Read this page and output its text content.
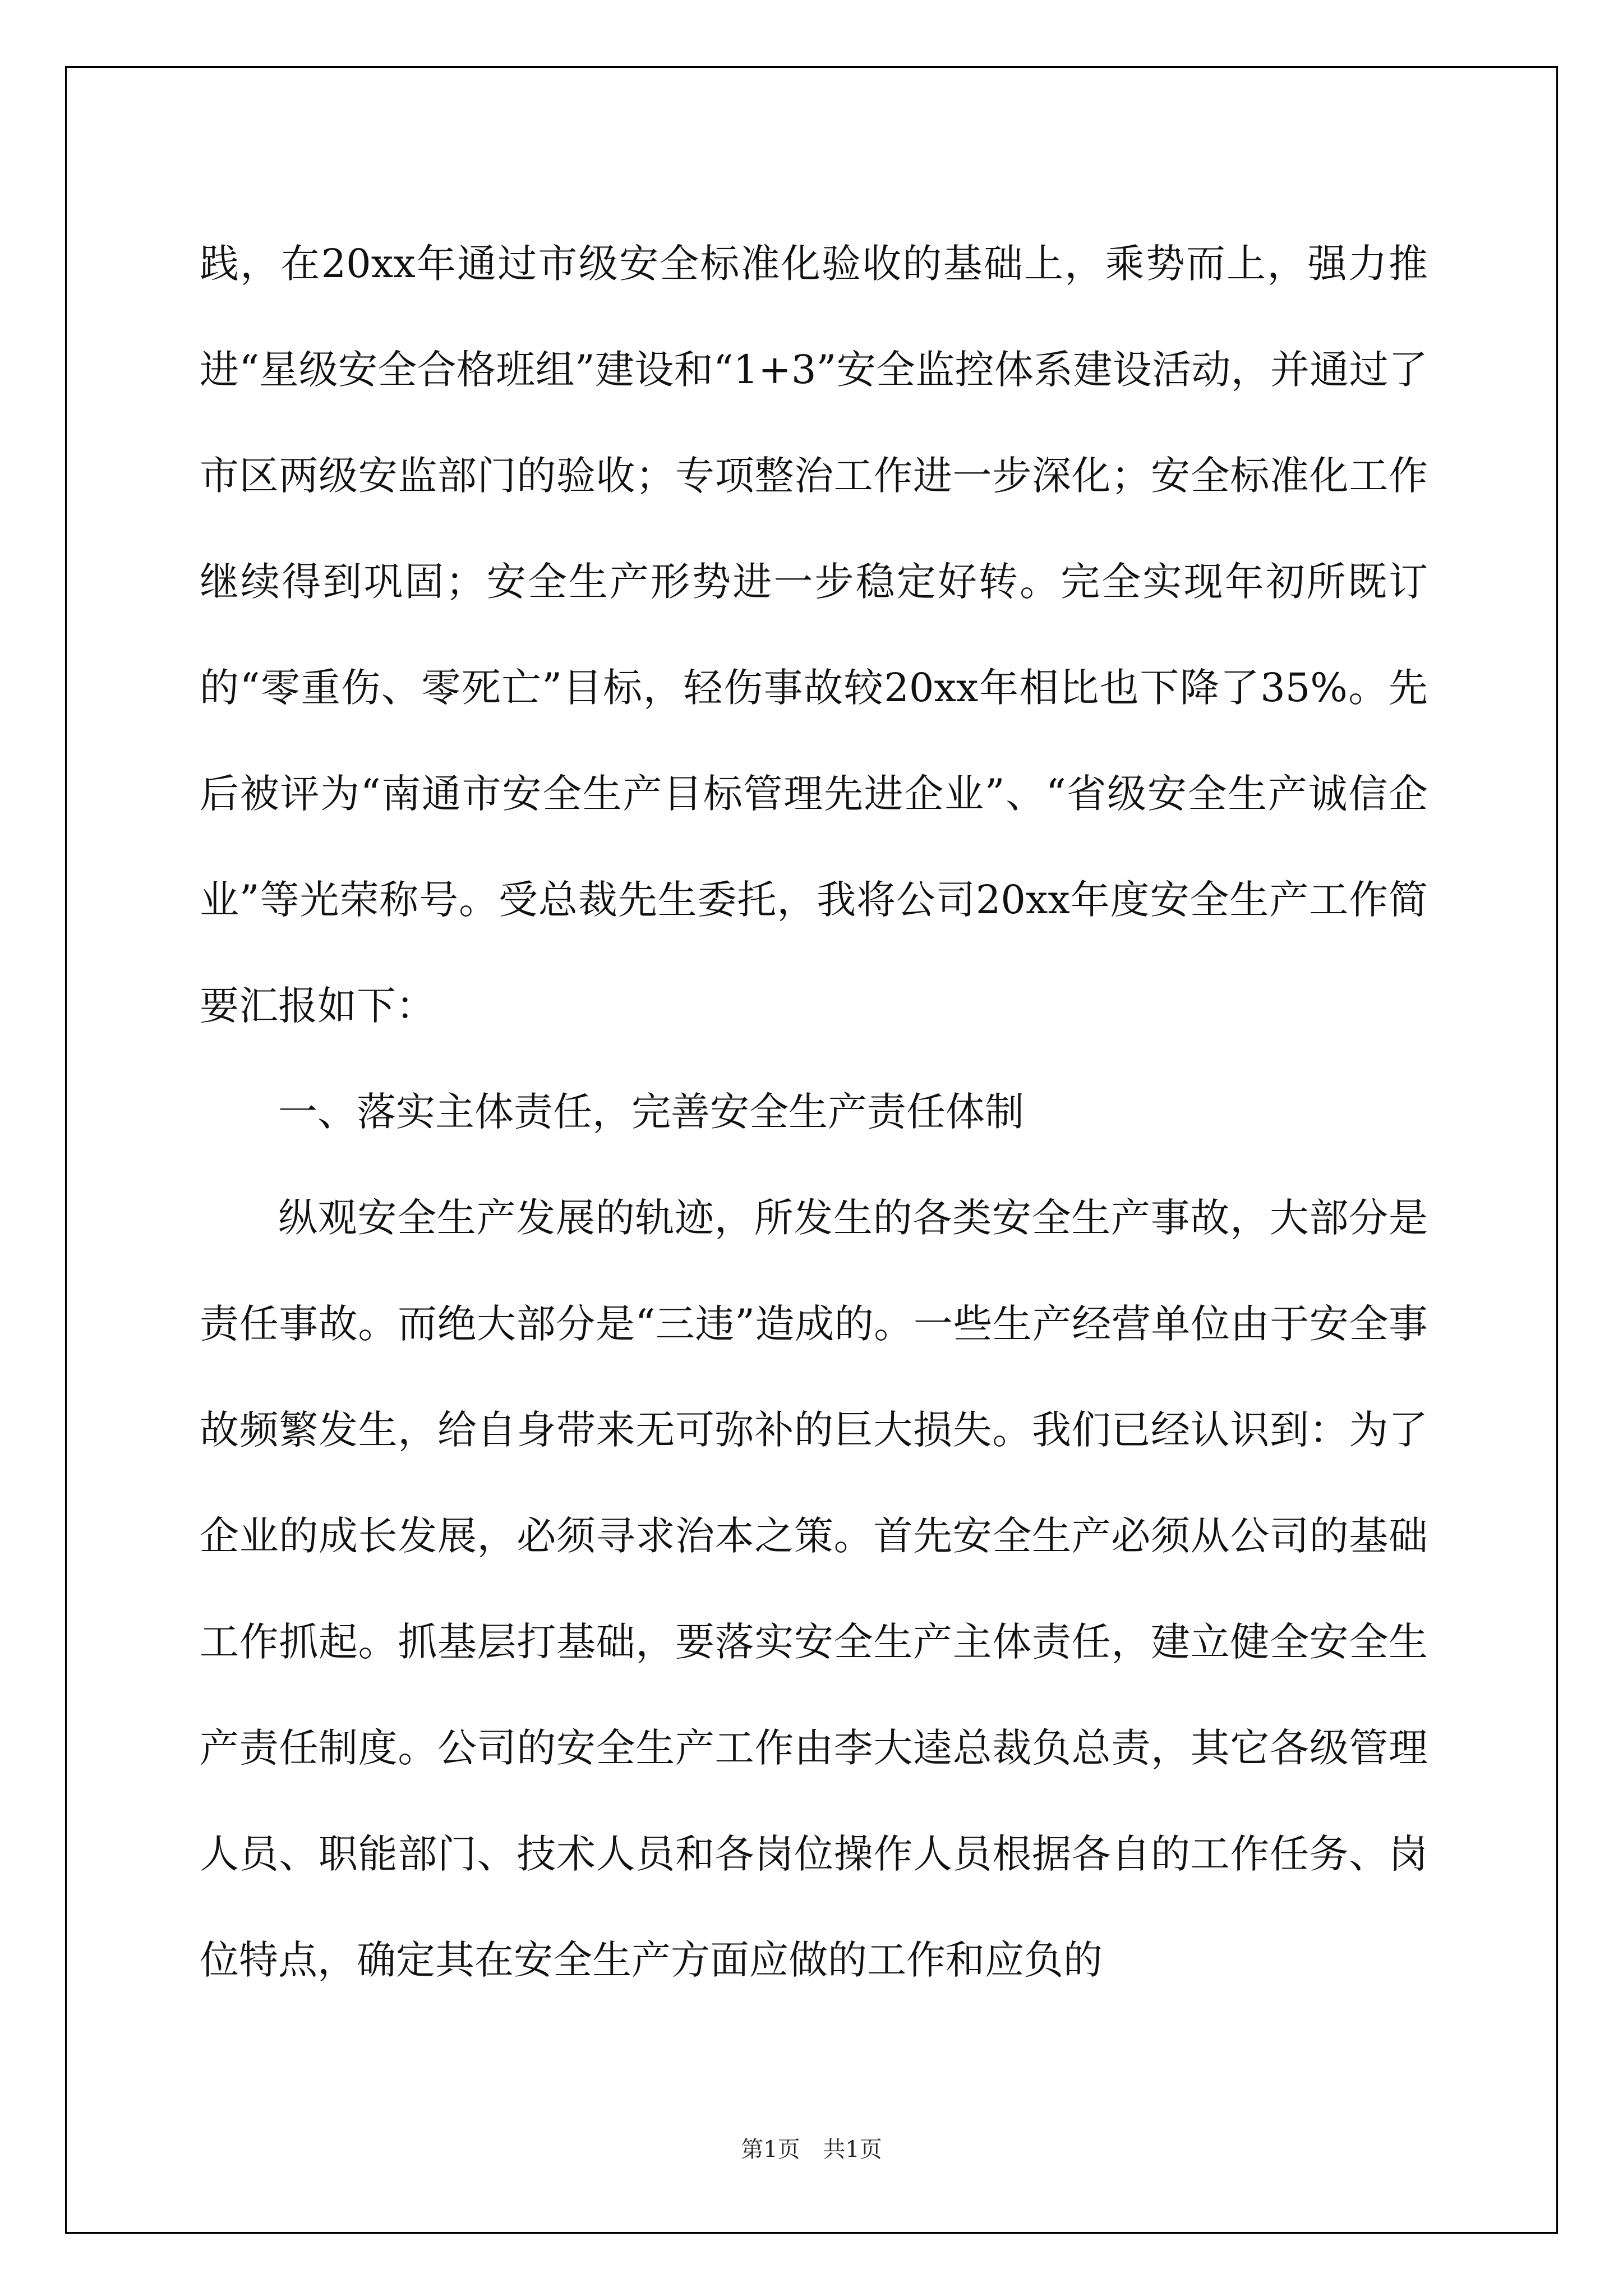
践，在20xx年通过市级安全标准化验收的基础上，乘势而上，强力推进“星级安全合格班组”建设和“1+3”安全监控体系建设活动，并通过了市区两级安监部门的验收；专项整治工作进一步深化；安全标准化工作继续得到巩固；安全生产形势进一步稳定好转。完全实现年初所既订的“零重伤、零死亡”目标，轻伤事故较20xx年相比也下降了35%。先后被评为“南通市安全生产目标管理先进企业”、“省级安全生产诚信企业”等光荣称号。受总裁先生委托，我将公司20xx年度安全生产工作简要汇报如下：

一、落实主体责任，完善安全生产责任体制

纵观安全生产发展的轨迹，所发生的各类安全生产事故，大部分是责任事故。而绝大部分是“三违”造成的。一些生产经营单位由于安全事故频繁发生，给自身带来无可弥补的巨大损失。我们已经认识到：为了企业的成长发展，必须寻求治本之策。首先安全生产必须从公司的基础工作抓起。抓基层打基础，要落实安全生产主体责任，建立健全安全生产责任制度。公司的安全生产工作由李大逵总裁负总责，其它各级管理人员、职能部门、技术人员和各岗位操作人员根据各自的工作任务、岗位特点，确定其在安全生产方面应做的工作和应负的

第1页 共1页
